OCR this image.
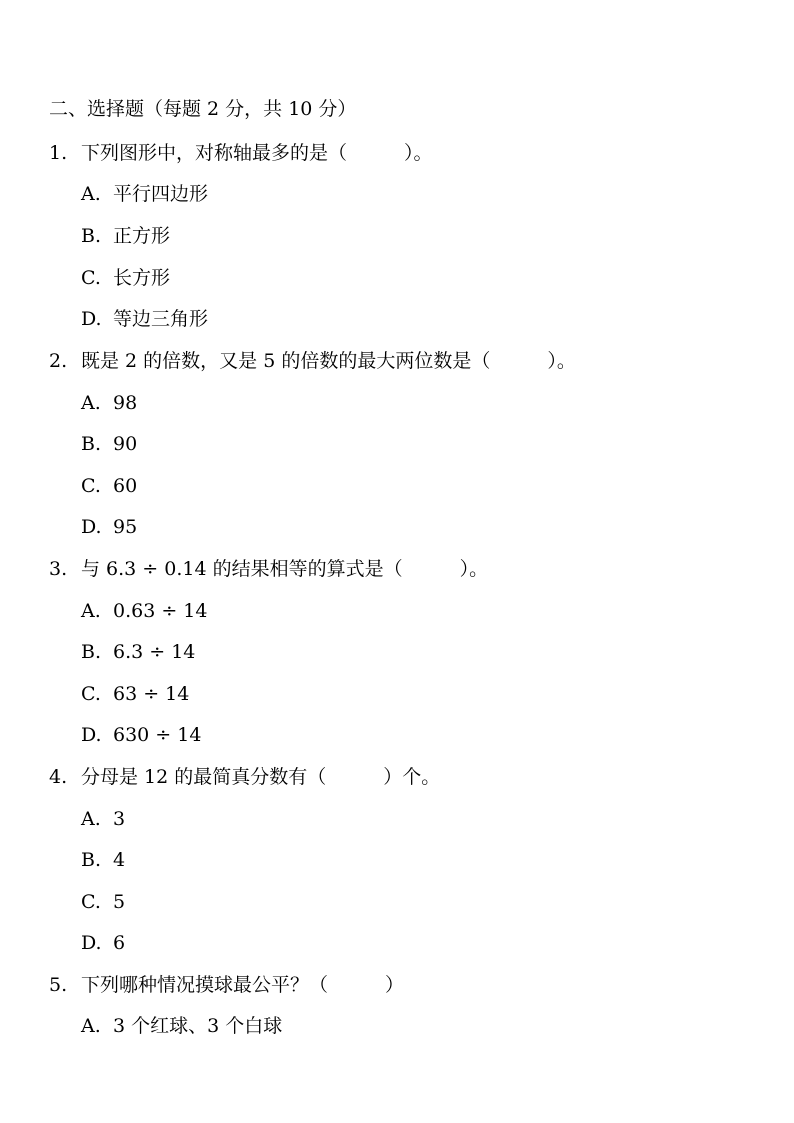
二、选择题（每题 2 分，共 10 分）
1. 下列图形中，对称轴最多的是（　　　）。
A. 平行四边形
B. 正方形
C. 长方形
D. 等边三角形
2. 既是 2 的倍数，又是 5 的倍数的最大两位数是（　　　）。
A. 98
B. 90
C. 60
D. 95
3. 与 6.3 ÷ 0.14 的结果相等的算式是（　　　）。
A. 0.63 ÷ 14
B. 6.3 ÷ 14
C. 63 ÷ 14
D. 630 ÷ 14
4. 分母是 12 的最简真分数有（　　　）个。
A. 3
B. 4
C. 5
D. 6
5. 下列哪种情况摸球最公平？（　　　）
A. 3 个红球、3 个白球
